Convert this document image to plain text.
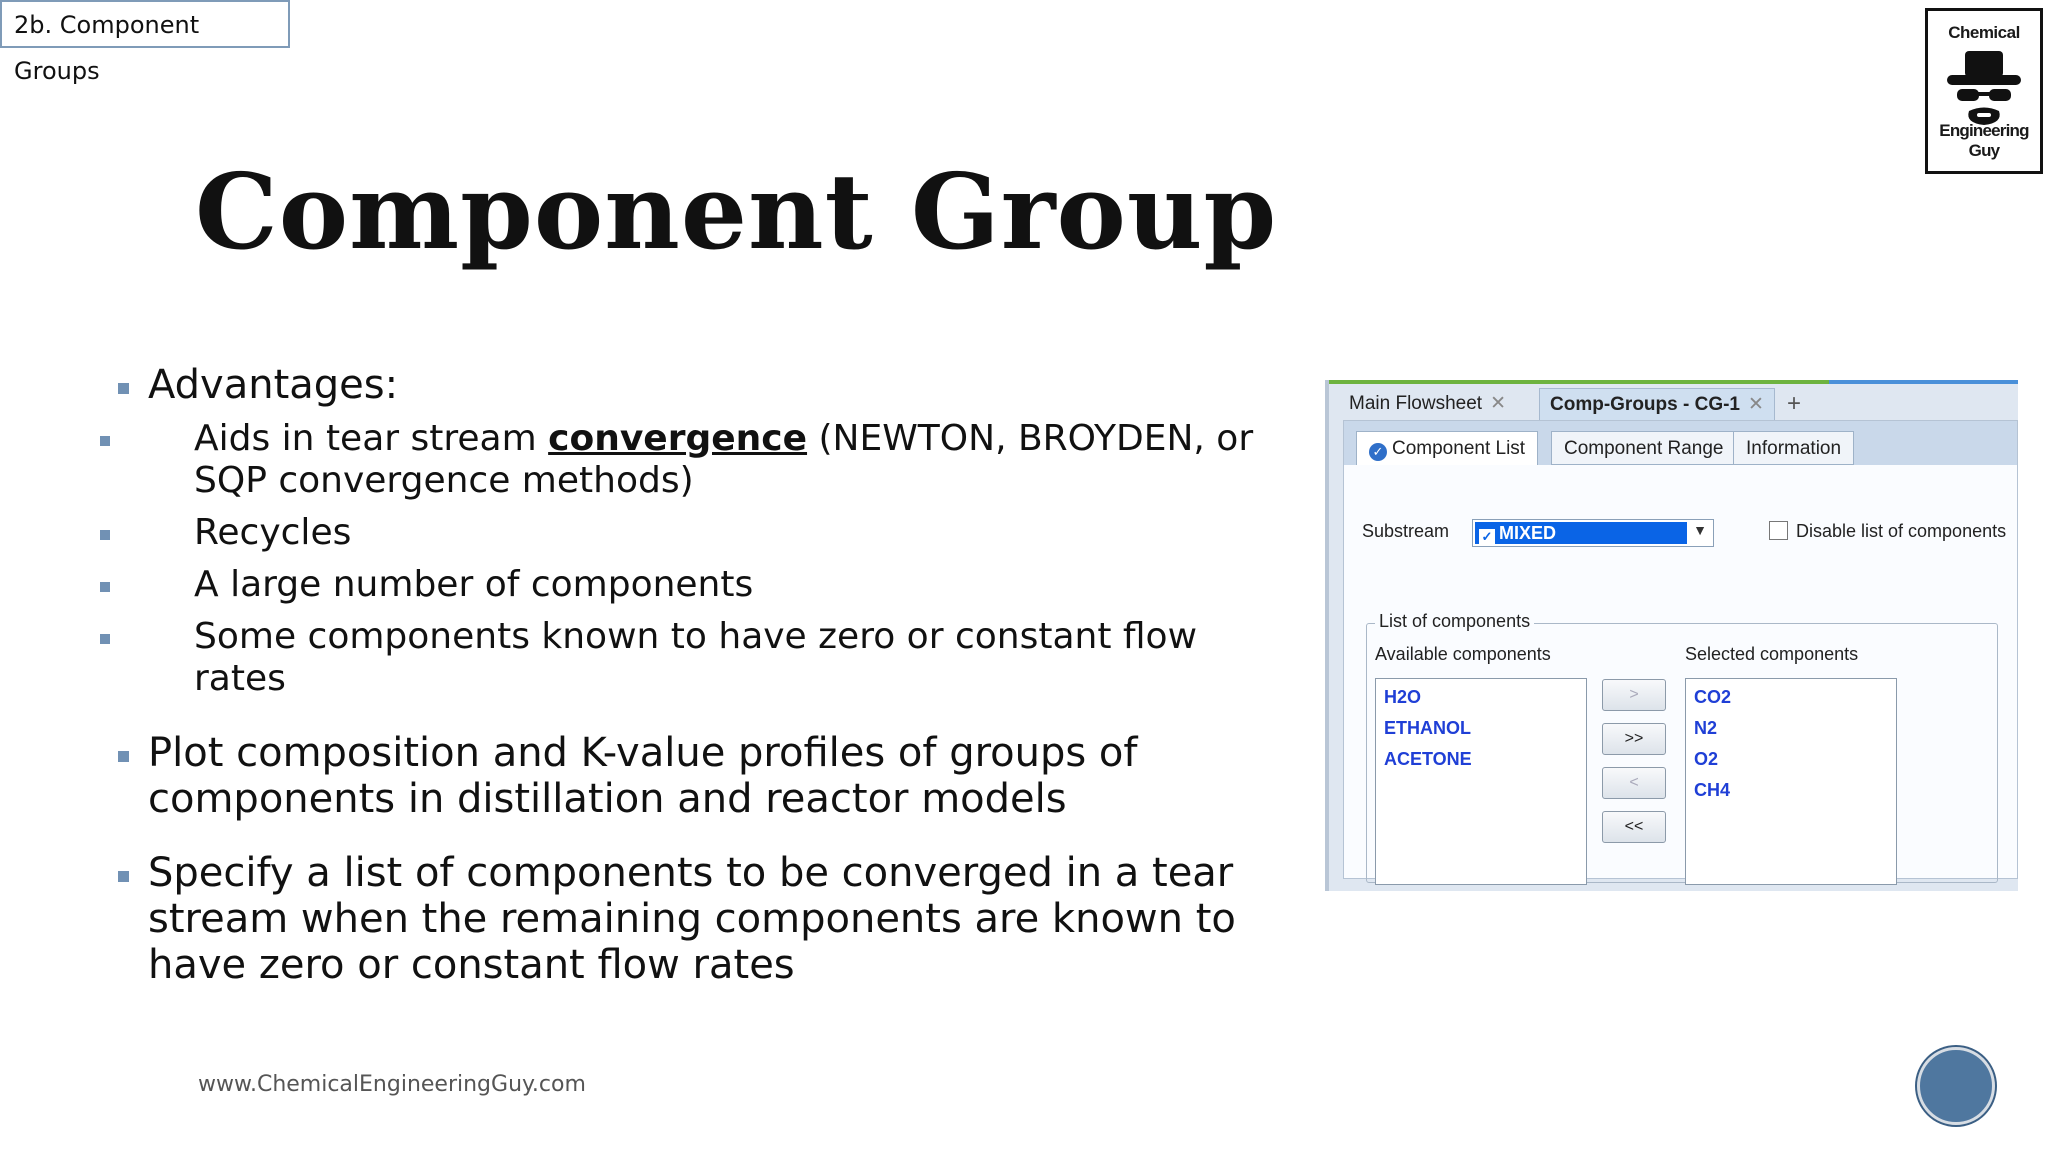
2b. Component Groups
Chemical
Engineering Guy
Component Group
Advantages:
Aids in tear stream convergence (NEWTON, BROYDEN, or SQP convergence methods)
Recycles
A large number of components
Some components known to have zero or constant flow rates
Plot composition and K-value profiles of groups of components in distillation and reactor models
Specify a list of components to be converged in a tear stream when the remaining components are known to have zero or constant flow rates
Main Flowsheet ✕	Comp-Groups - CG-1 ✕ +
✓ Component List	Component Range	Information
Substream	✓ MIXED	▼	Disable list of components
List of components
Available components	Selected components
H2O
ETHANOL
ACETONE
>
>>
<
<<
CO2
N2
O2
CH4
www.ChemicalEngineeringGuy.com
